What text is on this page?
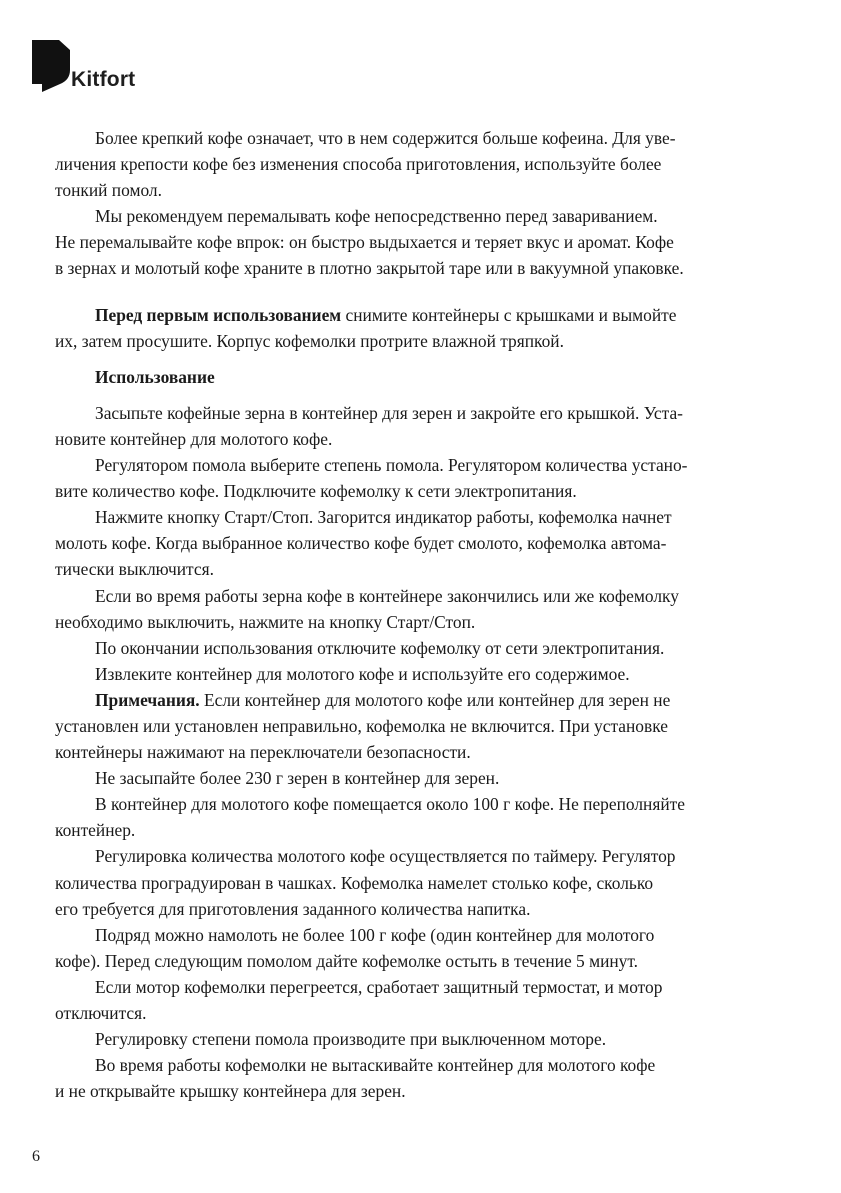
Kitfort

Более крепкий кофе означает, что в нем содержится больше кофеина. Для уве-
личения крепости кофе без изменения способа приготовления, используйте более
тонкий помол.

Мы рекомендуем перемалывать кофе непосредственно перед завариванием.
Не перемалывайте кофе впрок: он быстро выдыхается и теряет вкус и аромат. Кофе
в зернах и молотый кофе храните в плотно закрытой таре или в вакуумной упаковке.

Перед первым использованием снимите контейнеры с крышками и вымойте
их, затем просушите. Корпус кофемолки протрите влажной тряпкой.

Использование

Засыпьте кофейные зерна в контейнер для зерен и закройте его крышкой. Уста-
новите контейнер для молотого кофе.

Регулятором помола выберите степень помола. Регулятором количества устано-
вите количество кофе. Подключите кофемолку к сети электропитания.

Нажмите кнопку Старт/Стоп. Загорится индикатор работы, кофемолка начнет
молоть кофе. Когда выбранное количество кофе будет смолото, кофемолка автома-
тически выключится.

Если во время работы зерна кофе в контейнере закончились или же кофемолку
необходимо выключить, нажмите на кнопку Старт/Стоп.

По окончании использования отключите кофемолку от сети электропитания.

Извлеките контейнер для молотого кофе и используйте его содержимое.

Примечания. Если контейнер для молотого кофе или контейнер для зерен не
установлен или установлен неправильно, кофемолка не включится. При установке
контейнеры нажимают на переключатели безопасности.

Не засыпайте более 230 г зерен в контейнер для зерен.

В контейнер для молотого кофе помещается около 100 г кофе. Не переполняйте
контейнер.

Регулировка количества молотого кофе осуществляется по таймеру. Регулятор
количества проградуирован в чашках. Кофемолка намелет столько кофе, сколько
его требуется для приготовления заданного количества напитка.

Подряд можно намолоть не более 100 г кофе (один контейнер для молотого
кофе). Перед следующим помолом дайте кофемолке остыть в течение 5 минут.

Если мотор кофемолки перегреется, сработает защитный термостат, и мотор
отключится.

Регулировку степени помола производите при выключенном моторе.

Во время работы кофемолки не вытаскивайте контейнер для молотого кофе
и не открывайте крышку контейнера для зерен.

6
